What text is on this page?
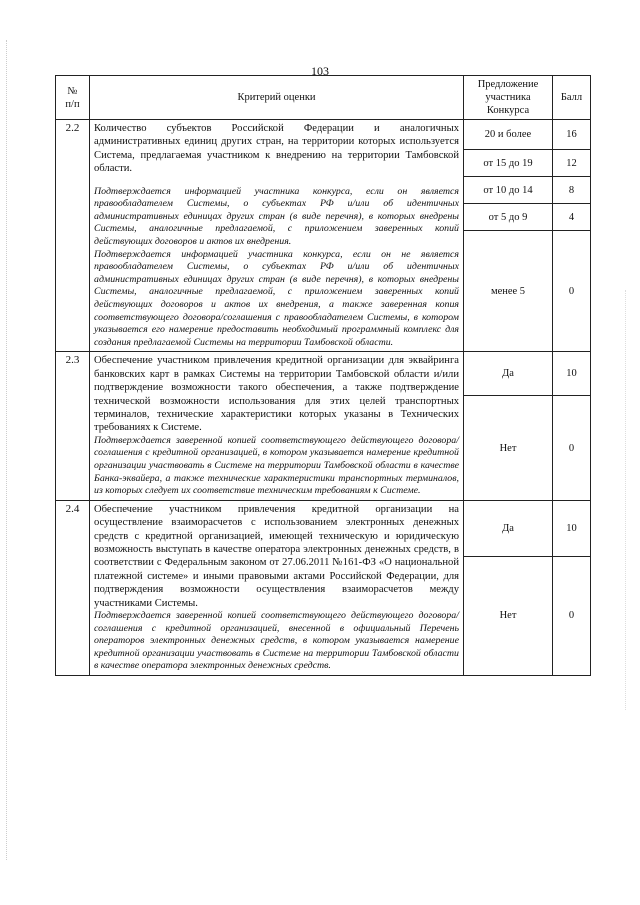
103
№
п/п	Критерий оценки	Предложение участника Конкурса	Балл
2.2	Количество субъектов Российской Федерации и аналогичных административных единиц других стран, на территории которых используется Система, предлагаемая участником к внедрению на территории Тамбовской области.

Подтверждается информацией участника конкурса, если он является правообладателем Системы, о субъектах РФ и/или об идентичных административных единицах других стран (в виде перечня), в которых внедрены Системы, аналогичные предлагаемой, с приложением заверенных копий действующих договоров и актов их внедрения.

Подтверждается информацией участника конкурса, если он не является правообладателем Системы, о субъектах РФ и/или об идентичных административных единицах других стран (в виде перечня), в которых внедрены Системы, аналогичные предлагаемой, с приложением заверенных копий действующих договоров и актов их внедрения, а также заверенная копия соответствующего договора/соглашения с правообладателем Системы, в котором указывается его намерение предоставить необходимый программный комплекс для создания предлагаемой Системы на территории Тамбовской области.	20 и более	16
		от 15 до 19	12
		от 10 до 14	8
		от 5 до 9	4
		менее 5	0
2.3	Обеспечение участником привлечения кредитной организации для эквайринга банковских карт в рамках Системы на территории Тамбовской области и/или подтверждение возможности такого обеспечения, а также подтверждение технической возможности использования для этих целей транспортных терминалов, технические характеристики которых указаны в Технических требованиях к Системе.

Подтверждается заверенной копией соответствующего действующего договора/соглашения с кредитной организацией, в котором указывается намерение кредитной организации участвовать в Системе на территории Тамбовской области в качестве Банка-эквайера, а также технические характеристики транспортных терминалов, из которых следует их соответствие техническим требованиям к Системе.	Да	10
		Нет	0
2.4	Обеспечение участником привлечения кредитной организации на осуществление взаиморасчетов с использованием электронных денежных средств с кредитной организацией, имеющей техническую и юридическую возможность выступать в качестве оператора электронных денежных средств, в соответствии с Федеральным законом от 27.06.2011 №161-ФЗ «О национальной платежной системе» и иными правовыми актами Российской Федерации, для подтверждения возможности осуществления взаиморасчетов между участниками Системы.

Подтверждается заверенной копией соответствующего действующего договора/соглашения с кредитной организацией, внесенной в официальный Перечень операторов электронных денежных средств, в котором указывается намерение кредитной организации участвовать в Системе на территории Тамбовской области в качестве оператора электронных денежных средств.	Да	10
		Нет	0
